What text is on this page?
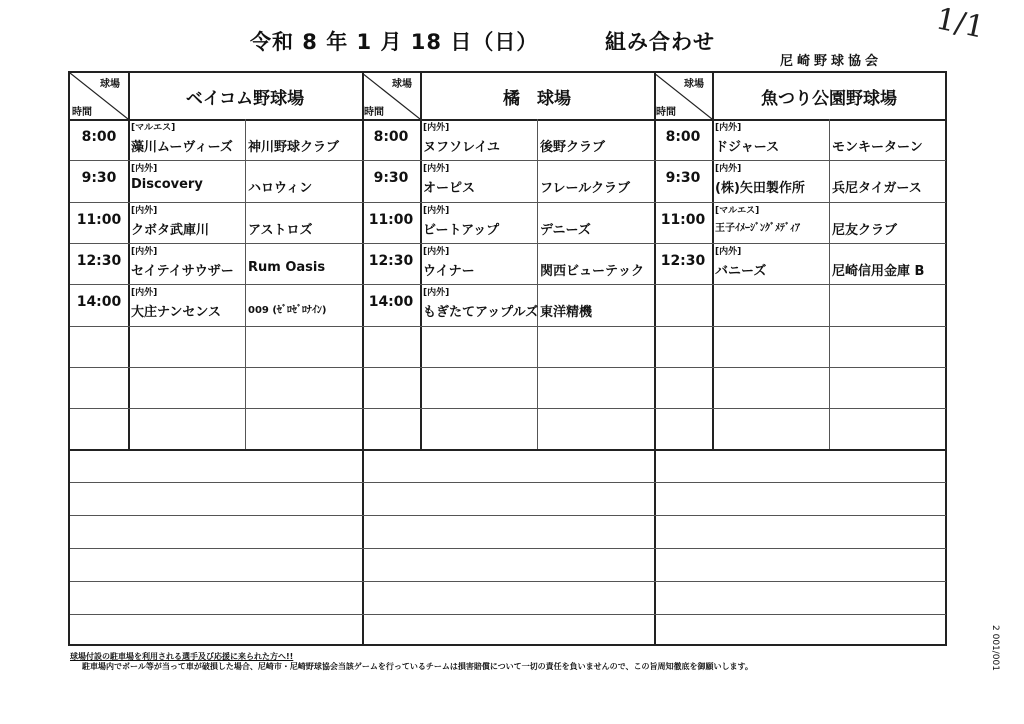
令和 8 年 1 月 18 日（日）	組み合わせ
尼崎野球協会
1/1
球場
時間
ベイコム野球場
8:00
[マルエス]
藻川ムーヴィーズ 神川野球クラブ
9:30
[内外]
Discovery	ハロウィン
11:00
[内外]
クボタ武庫川	アストロズ
12:30
[内外]
セイテイサウザー Rum Oasis
14:00
[内外]
大庄ナンセンス	009 (ｾﾞﾛｾﾞﾛﾅｲﾝ)
球場
時間
橘　球場
8:00
[内外]
ヌフソレイユ	後野クラブ
9:30
[内外]
オーピス	フレールクラブ
11:00
[内外]
ビートアップ	デニーズ
12:30
[内外]
ウイナー	関西ビューテック
14:00
[内外]
もぎたてアップルズ 東洋精機
球場
時間
魚つり公園野球場
8:00
[内外]
ドジャース	モンキーターン
9:30
[内外]
(株)矢田製作所 兵尼タイガース
11:00
[マルエス]
王子ｲﾒｰｼﾞﾝｸﾞﾒﾃﾞｨｱ 尼友クラブ
12:30
[内外]
バニーズ	尼崎信用金庫 B
球場付設の駐車場を利用される選手及び応援に来られた方へ!!
駐車場内でボール等が当って車が破損した場合、尼崎市・尼崎野球協会当該ゲームを行っているチームは損害賠償について一切の責任を負いませんので、この旨周知徹底を御願いします。	2 001/001
